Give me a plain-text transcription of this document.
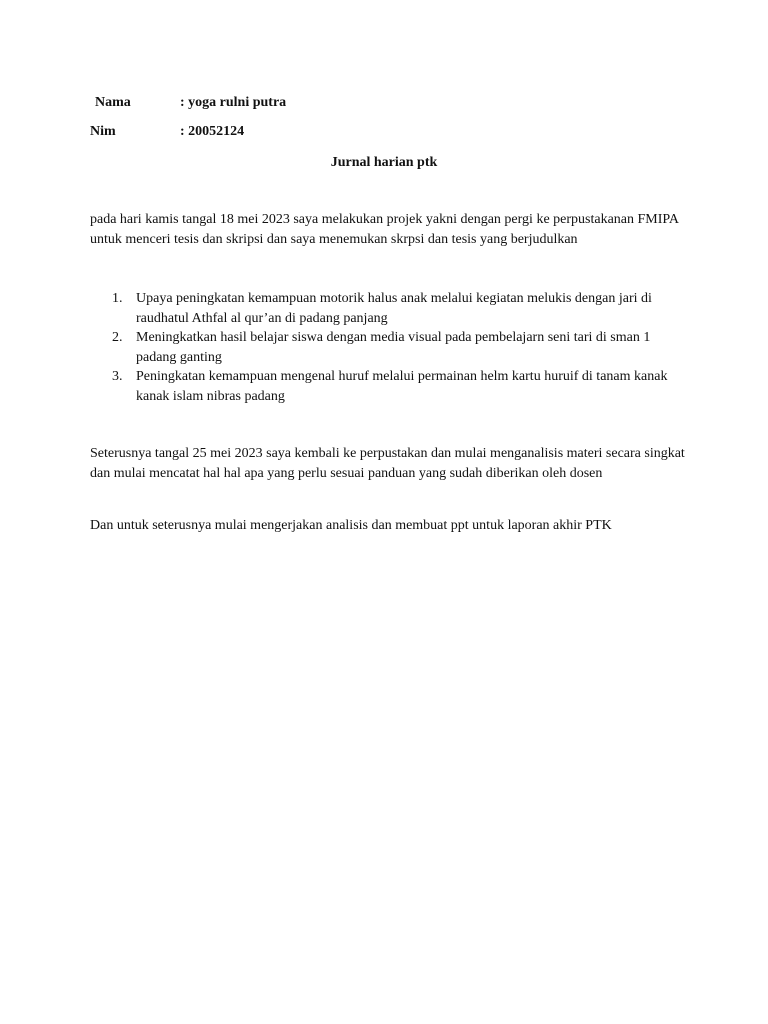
Nama	: yoga rulni putra
Nim	: 20052124
Jurnal harian ptk

pada hari kamis tangal 18 mei 2023 saya melakukan projek yakni dengan pergi ke perpustakanan FMIPA untuk menceri tesis dan skripsi dan saya menemukan skrpsi dan tesis yang berjudulkan

1. Upaya peningkatan kemampuan motorik halus anak melalui kegiatan melukis dengan jari di raudhatul Athfal al qur’an di padang panjang
2. Meningkatkan hasil belajar siswa dengan media visual pada pembelajarn seni tari di sman 1 padang ganting
3. Peningkatan kemampuan mengenal huruf melalui permainan helm kartu huruif di tanam kanak kanak islam nibras padang

Seterusnya tangal 25 mei 2023 saya kembali ke perpustakan dan mulai menganalisis materi secara singkat dan mulai mencatat hal hal apa yang perlu sesuai panduan yang sudah diberikan oleh dosen

Dan untuk seterusnya mulai mengerjakan analisis dan membuat ppt untuk laporan akhir PTK
